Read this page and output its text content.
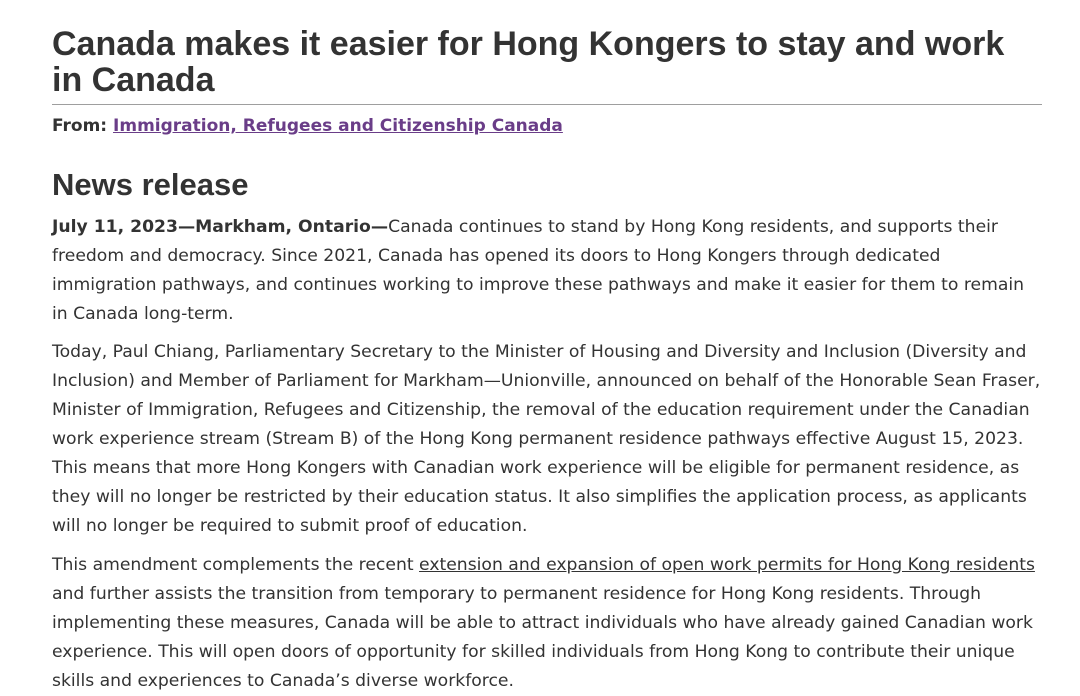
Canada makes it easier for Hong Kongers to stay and work in Canada
From: Immigration, Refugees and Citizenship Canada
News release

July 11, 2023—Markham, Ontario—Canada continues to stand by Hong Kong residents, and supports their freedom and democracy. Since 2021, Canada has opened its doors to Hong Kongers through dedicated immigration pathways, and continues working to improve these pathways and make it easier for them to remain in Canada long-term.

Today, Paul Chiang, Parliamentary Secretary to the Minister of Housing and Diversity and Inclusion (Diversity and Inclusion) and Member of Parliament for Markham—Unionville, announced on behalf of the Honorable Sean Fraser, Minister of Immigration, Refugees and Citizenship, the removal of the education requirement under the Canadian work experience stream (Stream B) of the Hong Kong permanent residence pathways effective August 15, 2023. This means that more Hong Kongers with Canadian work experience will be eligible for permanent residence, as they will no longer be restricted by their education status. It also simplifies the application process, as applicants will no longer be required to submit proof of education.

This amendment complements the recent extension and expansion of open work permits for Hong Kong residents and further assists the transition from temporary to permanent residence for Hong Kong residents. Through implementing these measures, Canada will be able to attract individuals who have already gained Canadian work experience. This will open doors of opportunity for skilled individuals from Hong Kong to contribute their unique skills and experiences to Canada’s diverse workforce.
